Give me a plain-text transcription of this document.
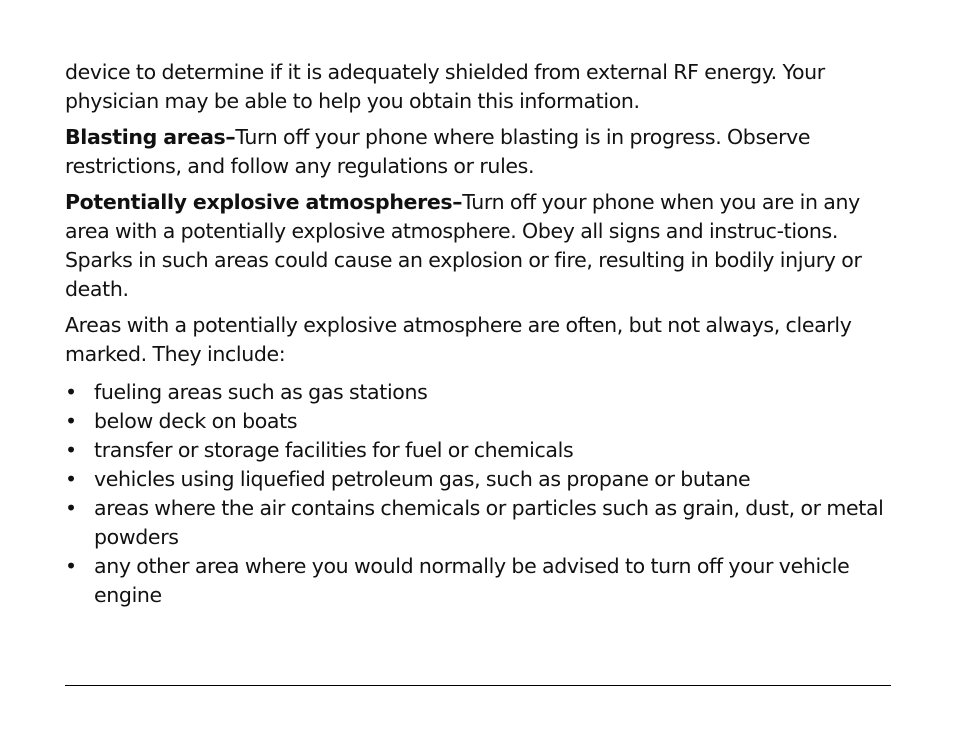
device to determine if it is adequately shielded from external RF energy. Your physician may be able to help you obtain this information.

Blasting areas–Turn off your phone where blasting is in progress. Observe restrictions, and follow any regulations or rules.

Potentially explosive atmospheres–Turn off your phone when you are in any area with a potentially explosive atmosphere. Obey all signs and instruc-tions. Sparks in such areas could cause an explosion or fire, resulting in bodily injury or death.

Areas with a potentially explosive atmosphere are often, but not always, clearly marked. They include:

• fueling areas such as gas stations
• below deck on boats
• transfer or storage facilities for fuel or chemicals
• vehicles using liquefied petroleum gas, such as propane or butane
• areas where the air contains chemicals or particles such as grain, dust, or metal powders
• any other area where you would normally be advised to turn off your vehicle engine
